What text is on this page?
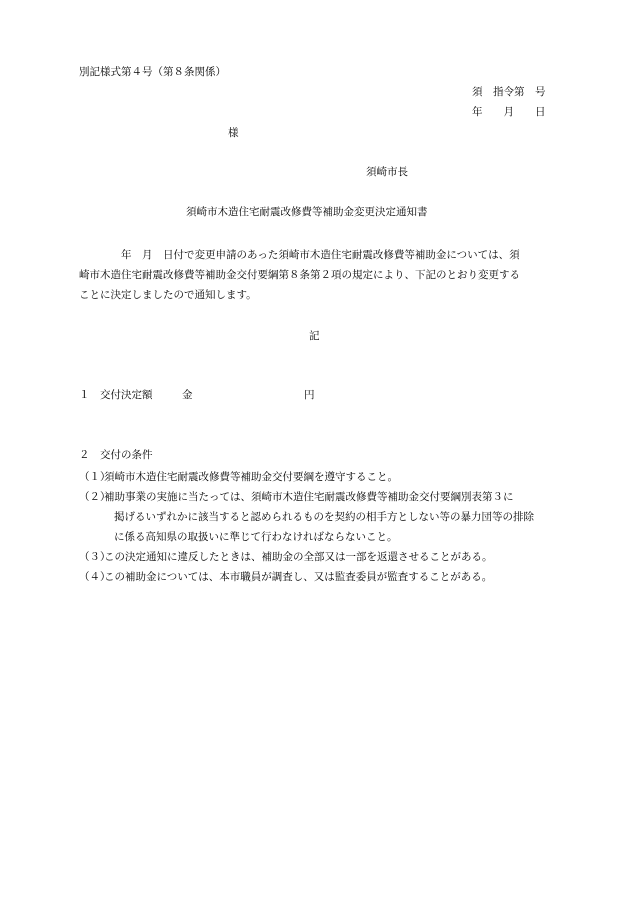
別記様式第４号（第８条関係）
須　指令第　号
年　　月　　日
様
須崎市長
須崎市木造住宅耐震改修費等補助金変更決定通知書
　　　　年　月　日付で変更申請のあった須崎市木造住宅耐震改修費等補助金については、須
崎市木造住宅耐震改修費等補助金交付要綱第８条第２項の規定により、下記のとおり変更する
ことに決定しましたので通知します。
記
１　交付決定額	金	円
２　交付の条件
（１）
須崎市木造住宅耐震改修費等補助金交付要綱を遵守すること。
（２）
補助事業の実施に当たっては、須崎市木造住宅耐震改修費等補助金交付要綱別表第３に
掲げるいずれかに該当すると認められるものを契約の相手方としない等の暴力団等の排除
に係る高知県の取扱いに準じて行わなければならないこと。
（３）
この決定通知に違反したときは、補助金の全部又は一部を返還させることがある。
（４）
この補助金については、本市職員が調査し、又は監査委員が監査することがある。
